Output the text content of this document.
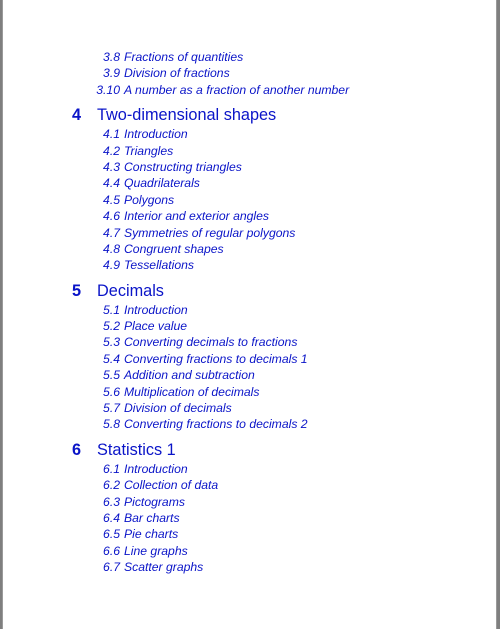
3.8 Fractions of quantities
3.9 Division of fractions
3.10 A number as a fraction of another number
4 Two-dimensional shapes
4.1 Introduction
4.2 Triangles
4.3 Constructing triangles
4.4 Quadrilaterals
4.5 Polygons
4.6 Interior and exterior angles
4.7 Symmetries of regular polygons
4.8 Congruent shapes
4.9 Tessellations
5 Decimals
5.1 Introduction
5.2 Place value
5.3 Converting decimals to fractions
5.4 Converting fractions to decimals 1
5.5 Addition and subtraction
5.6 Multiplication of decimals
5.7 Division of decimals
5.8 Converting fractions to decimals 2
6 Statistics 1
6.1 Introduction
6.2 Collection of data
6.3 Pictograms
6.4 Bar charts
6.5 Pie charts
6.6 Line graphs
6.7 Scatter graphs
